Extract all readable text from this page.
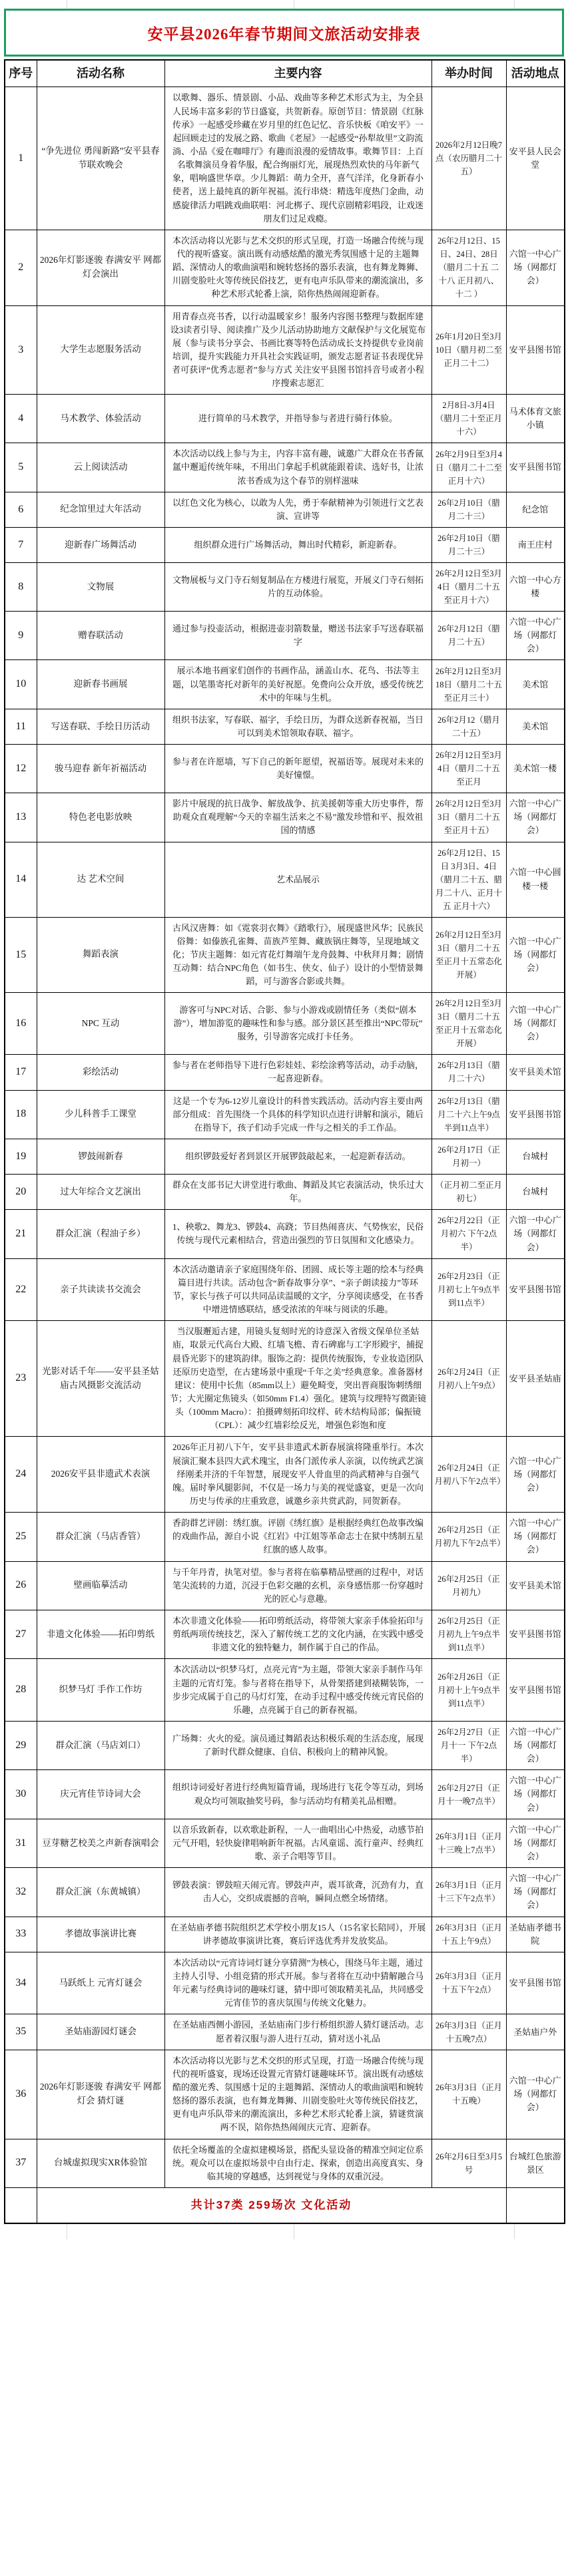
安平县2026年春节期间文旅活动安排表
序号	活动名称	主要内容	举办时间	活动地点
1	“争先进位 勇闯新路”安平县春节联欢晚会	以歌舞、器乐、情景剧、小品、戏曲等多种艺术形式为主，为全县人民场丰富多彩的节日盛宴，共贺新春。原创节目：情景剧《红脉传承》一起感受珍藏在岁月里的红色记忆、音乐快板《咱安平》一起回顾走过的发展之路、歌曲《老屋》一起感受“孙犁故里”文韵流淌、小品《爱在咖啡厅》有趣而浪漫的爱情故事。歌舞节目：上百名歌舞演员身着华服，配合绚丽灯光，展现热烈欢快的马年新气象，唱响盛世华章。少儿舞蹈：萌力全开，喜气洋洋，化身新春小使者，送上最纯真的新年祝福。流行串烧：精选年度热门金曲，动感旋律活力唱跳戏曲联唱：河北梆子、现代京剧精彩唱段，让戏迷朋友们过足戏瘾。	2026年2月12日晚7点（农历腊月二十五）	安平县人民会堂
2	2026年灯影逐骏 春满安平 网都灯会演出	本次活动将以光影与艺术交织的形式呈现，打造一场融合传统与现代的视听盛宴。演出既有动感炫酷的激光秀氛围感十足的主题舞蹈、深情动人的歌曲演唱和婉转悠扬的器乐表演，也有舞龙舞狮、川剧变脸吐火等传统民俗技艺，更有电声乐队带来的潮流演出，多种艺术形式轮番上演，陪你热热闹闹迎新春。	26年2月12日、15日、24日、28日（腊月二十五 二十八 正月初八、十二 ）	六馆一中心广场（网都灯会）
3	大学生志愿服务活动	用青春点亮书香，以行动温暖家乡！服务内容图书整理与数据库建设3读者引导、阅读推广及少儿活动协助地方文献保护与文化展览布展（参与读书分享会、书画比赛等特色活动成长支持提供专业岗前培训，提升实践能力开具社会实践证明，颁发志愿者证书表现优异者可获评“优秀志愿者”参与方式 关注安平县图书馆抖音号或者小程序搜索志愿汇	26年1月20日至3月10日（腊月初二至正月二十二）	安平县图书馆
4	马术教学、体验活动	进行简单的马术教学，并指导参与者进行骑行体验。	2月8日-3月4日（腊月二十至正月十六）	马术体育文旅小镇
5	云上阅读活动	本次活动以线上参与为主，内容丰富有趣，诚邀广大群众在书香氤氲中邂逅传统年味，不用出门拿起手机就能跟着读、选好书，让浓浓书香成为这个春节的别样滋味	26年2月9日至3月4日（腊月二十二至正月十六）	安平县图书馆
6	纪念馆里过大年活动	以红色文化为核心，以敢为人先，勇于奉献精神为引领进行文艺表演、宣讲等	26年2月10日（腊月二十三）	纪念馆
7	迎新春广场舞活动	组织群众进行广场舞活动，舞出时代精彩，新迎新春。	26年2月10日（腊月二十三）	南王庄村
8	文物展	文物展板与义门寺石刻复制品在方楼进行展览，开展义门寺石刻拓片的互动体验。	26年2月12日至3月4日（腊月二十五至正月十六）	六馆一中心方楼
9	赠春联活动	通过参与投壶活动，根据进壶羽箭数量，赠送书法家手写送春联福字	26年2月12日（腊月二十五）	六馆一中心广场（网都灯会）
10	迎新春书画展	展示本地书画家们创作的书画作品，涵盖山水、花鸟、书法等主题，以笔墨寄托对新年的美好祝愿。免费向公众开放，感受传统艺术中的年味与生机。	26年2月12日至3月18日（腊月二十五至正月三十）	美术馆
11	写送春联、手绘日历活动	组织书法家，写春联、福字，手绘日历，为群众送新春祝福，当日可以到美术馆领取春联、福字。	26年2月12（腊月二十五）	美术馆
12	骏马迎春 新年祈福活动	参与者在许愿墙，写下自己的新年愿望，祝福语等。展现对未来的美好憧憬。	26年2月12日至3月4日（腊月二十五至正月	美术馆一楼
13	特色老电影放映	影片中展现的抗日战争、解放战争、抗美援朝等重大历史事件，帮助观众直观理解“今天的幸福生活来之不易”激发珍惜和平、报效祖国的情感	26年2月12日至3月3日（腊月二十五至正月十五）	六馆一中心广场（网都灯会）
14	达 艺术空间	艺术品展示	26年2月12日、15日 3月3日、4日（腊月二十五、腊月二十八、正月十五 正月十六）	六馆一中心圆楼一楼
15	舞蹈表演	古风汉唐舞：如《霓裳羽衣舞》《踏歌行》，展现盛世风华；民族民俗舞：如傣族孔雀舞、苗族芦笙舞、藏族锅庄舞等，呈现地域文化；节庆主题舞：如元宵花灯舞端午龙舟鼓舞、中秋拜月舞；剧情互动舞：结合NPC角色（如书生、侠女、仙子）设计的小型情景舞蹈，可与游客合影或共舞。	26年2月12日至3月3日（腊月二十五至正月十五常态化开展）	六馆一中心广场（网都灯会）
16	NPC 互动	游客可与NPC对话、合影、参与小游戏或剧情任务（类似“剧本游”），增加游览的趣味性和参与感。部分景区甚至推出“NPC带玩”服务，引导游客完成打卡任务。	26年2月12日至3月3日（腊月二十五至正月十五常态化开展）	六馆一中心广场（网都灯会）
17	彩绘活动	参与者在老师指导下进行色彩娃娃、彩绘涂鸦等活动，动手动脑，一起喜迎新春。	26年2月13日（腊月二十六）	安平县美术馆
18	少儿科普手工课堂	这是一个专为6-12岁儿童设计的科普实践活动。活动内容主要由两部分组成：首先围绕一个具体的科学知识点进行讲解和演示，随后在指导下，孩子们动手完成一件与之相关的手工作品。	26年2月13日（腊月二十六上午9点半到11点半）	安平县图书馆
19	锣鼓闹新春	组织锣鼓爱好者到景区开展锣鼓敲起来，一起迎新春活动。	26年2月17日（正月初一）	台城村
20	过大年综合文艺演出	群众在支部书记大讲堂进行歌曲、舞蹈及其它表演活动，快乐过大年。	（正月初二至正月初七）	台城村
21	群众汇演（程油子乡）	1、秧歌2、舞龙3、锣鼓4、高跷；节目热闹喜庆、气势恢宏，民俗传统与现代元素相结合，营造出强烈的节日氛围和文化感染力。	26年2月22日（正月初六 下午2点半）	六馆一中心广场（网都灯会）
22	亲子共读读书交流会	本次活动邀请亲子家庭围绕年俗、团圆、成长等主题的绘本与经典篇目进行共读。活动包含“新春故事分享”、“亲子朗读接力”等环节，家长与孩子可以共同品读温暖的文字，分享阅读感受，在书香中增进情感联结，感受浓浓的年味与阅读的乐趣。	26年2月23日（正月初七上午9点半到11点半）	安平县图书馆
23	光影对话千年——安平县圣姑庙古风摄影交流活动	当汉服邂逅古建，用镜头复刻时光的诗意深入省级文保单位圣姑庙，取景元代高台大殿、红墙飞檐、青石碑廊与工字形殿宇，捕捉晨昏光影下的建筑韵律。服饰之韵：提供传统服饰，专业妆造团队还原历史造型，在古建场景中重现“千年之美”经典意象。准备器材建议：使用中长焦（85mm以上）避免畸变，突出晋商服饰刺绣细节；大光圈定焦镜头（如50mm F1.4）强化。建筑与纹理特写微距镜头（100mm Macro）：拍摄碑刻拓印纹样、砖木结构局部；偏振镜（CPL）：减少红墙彩绘反光，增强色彩饱和度	26年2月24日（正月初八上午9点）	安平县圣姑庙
24	2026安平县非遗武术表演	2026年正月初八下午，安平县非遗武术新春展演将隆重举行。本次展演汇聚本县四大武术瑰宝，由各门派传承人亲演，以传统武艺演绎刚柔并济的千年智慧，展现安平人骨血里的尚武精神与自强气魄。届时拳风腿影间，不仅是一场力与美的视觉盛宴，更是一次向历史与传承的庄重致意，诚邀乡亲共赏武韵，同贺新春。	26年2月24日（正月初八下午2点半）	六馆一中心广场（网都灯会）
25	群众汇演（马店香管）	香韵群艺评剧：绣红旗。评剧《绣红旗》是根据经典红色故事改编的戏曲作品，源自小说《红岩》中江姐等革命志士在狱中绣制五星红旗的感人故事。	26年2月25日（正月初九下午2点半）	六馆一中心广场（网都灯会）
26	壁画临摹活动	与千年丹青，执笔对望。参与者将在临摹精品壁画的过程中，对话笔尖流转的力道，沉浸于色彩交融的玄机，亲身感悟那一份穿越时光的匠心与意趣。	26年2月25日（正月初九）	安平县美术馆
27	非遗文化体验——拓印剪纸	本次非遗文化体验——拓印剪纸活动，将带领大家亲手体验拓印与剪纸两项传统技艺，深入了解传统工艺的文化内涵，在实践中感受非遗文化的独特魅力，制作属于自己的作品。	26年2月25日（正月初九上午9点半到11点半）	安平县图书馆
28	织梦马灯 手作工作坊	本次活动以“织梦马灯，点亮元宵”为主题，带领大家亲手制作马年主题的元宵灯笼。参与者将在指导下，从骨架搭建到裱糊装饰，一步步完成属于自己的马灯灯笼，在动手过程中感受传统元宵民俗的乐趣，点亮属于自己的新春祝福。	26年2月26日（正月初十上午9点半到11点半）	安平县图书馆
29	群众汇演（马店刘口）	广场舞：火火的爱。演员通过舞蹈表达积极乐观的生活态度，展现了新时代群众健康、自信、积极向上的精神风貌。	26年2月27日（正月十一 下午2点半）	六馆一中心广场（网都灯会）
30	庆元宵佳节诗词大会	组织诗词爱好者进行经典短篇背诵，现场进行飞花令等互动，到场观众均可领取抽奖号码，参与活动均有精美礼品相赠。	26年2月27日（正月十一晚7点半）	六馆一中心广场（网都灯会）
31	豆芽糖艺校美之声新春演唱会	以音乐致新春，以欢歌赴新程，一人一曲唱出心中热爱，动感节拍元气开唱，轻快旋律唱响新年祝福。古风童谣、流行童声、经典红歌、亲子合唱等节目。	26年3月1日（正月十三晚上7点半）	六馆一中心广场（网都灯会）
32	群众汇演（东黄城镇）	锣鼓表演：锣鼓喧天闹元宵。锣鼓声声，震耳欲聋，沉劲有力，直击人心，交织成震撼的音响，瞬间点燃全场情绪。	26年3月1日（正月十三下午2点半）	六馆一中心广场（网都灯会）
33	孝德故事演讲比赛	在圣姑庙孝德书院组织艺术学校小朋友15人（15名家长陪同），开展讲孝德故事演讲比赛，赛后评选优秀并发放奖品。	26年3月3日（正月十五上午9点）	圣姑庙孝德书院
34	马跃纸上 元宵灯谜会	本次活动以“元宵诗词灯谜分享猜测”为核心，围绕马年主题，通过主持人引导、小组竞猜的形式开展。参与者将在互动中猜解融合马年元素与经典诗词的趣味灯谜，猜中即可领取精美礼品，共同感受元宵佳节的喜庆氛围与传统文化魅力。	26年3月3日（正月十五下午2点）	安平县图书馆
35	圣姑庙游园灯谜会	在圣姑庙西侧小游园，圣姑庙南门步行桥组织游人猜灯谜活动。志愿者着汉服与游人进行互动，猜对送小礼品	26年3月3日（正月十五晚7点）	圣姑庙户外
36	2026年灯影逐骏 春满安平 网都灯会 猜灯谜	本次活动将以光影与艺术交织的形式呈现，打造一场融合传统与现代的视听盛宴，现场还设置元宵猜灯谜趣味环节。演出既有动感炫酷的激光秀、氛围感十足的主题舞蹈、深情动人的歌曲演唱和婉转悠扬的器乐表演，也有舞龙舞狮、川剧变脸吐火等传统民俗技艺，更有电声乐队带来的潮流演出，多种艺术形式轮番上演，猜谜赏演两不误，陪你热热闹闹庆元宵、迎新春。	26年3月3日（正月十五晚）	六馆一中心广场（网都灯会）
37	台城虚拟现实XR体验馆	依托全场覆盖的全虚拟建模场景，搭配头显设备的精准空间定位系统。观众可以在虚拟场景中自由行走、探索，创造出高度真实、身临其境的穿越感，达到视觉与身体的双重沉浸。	26年2月6日至3月5号	台城红色旅游景区
	共计37类 259场次 文化活动			
